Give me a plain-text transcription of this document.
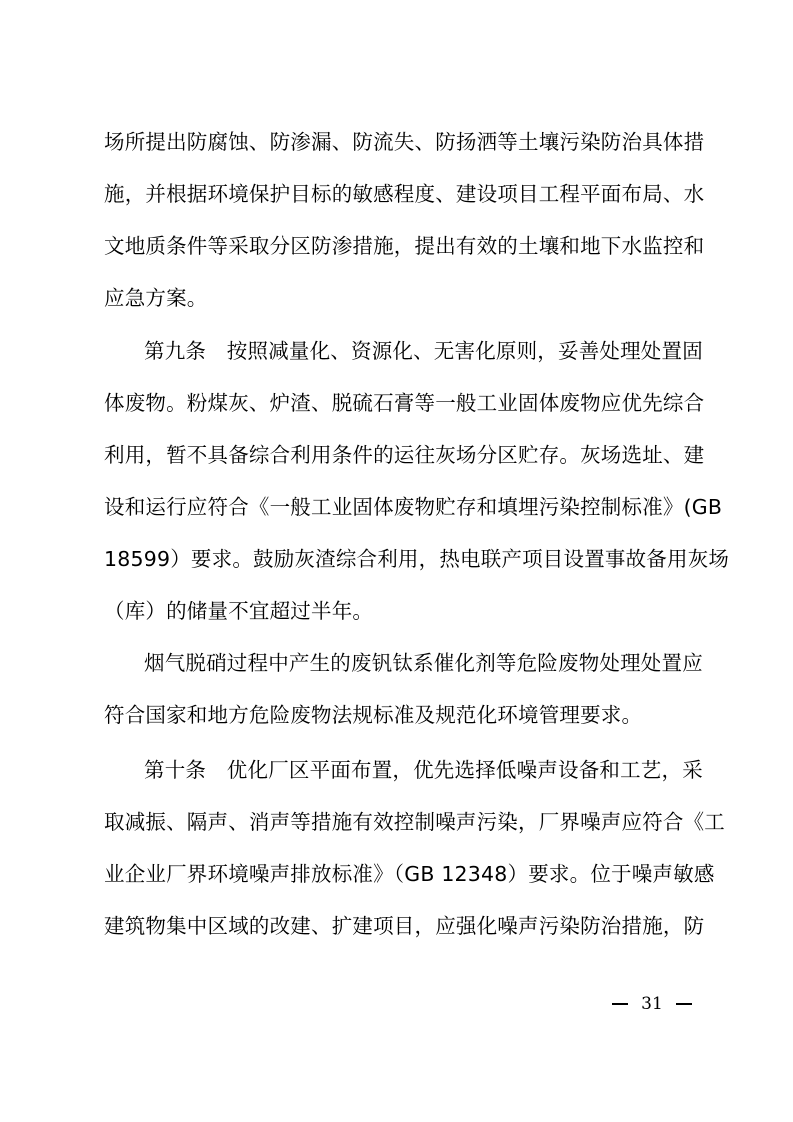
场所提出防腐蚀、防渗漏、防流失、防扬洒等土壤污染防治具体措
施，并根据环境保护目标的敏感程度、建设项目工程平面布局、水
文地质条件等采取分区防渗措施，提出有效的土壤和地下水监控和
应急方案。
第九条　按照减量化、资源化、无害化原则，妥善处理处置固
体废物。粉煤灰、炉渣、脱硫石膏等一般工业固体废物应优先综合
利用，暂不具备综合利用条件的运往灰场分区贮存。灰场选址、建
设和运行应符合《一般工业固体废物贮存和填埋污染控制标准》(GB
18599）要求。鼓励灰渣综合利用，热电联产项目设置事故备用灰场
（库）的储量不宜超过半年。
烟气脱硝过程中产生的废钒钛系催化剂等危险废物处理处置应
符合国家和地方危险废物法规标准及规范化环境管理要求。
第十条　优化厂区平面布置，优先选择低噪声设备和工艺，采
取减振、隔声、消声等措施有效控制噪声污染，厂界噪声应符合《工
业企业厂界环境噪声排放标准》（GB 12348）要求。位于噪声敏感
建筑物集中区域的改建、扩建项目，应强化噪声污染防治措施，防
31
